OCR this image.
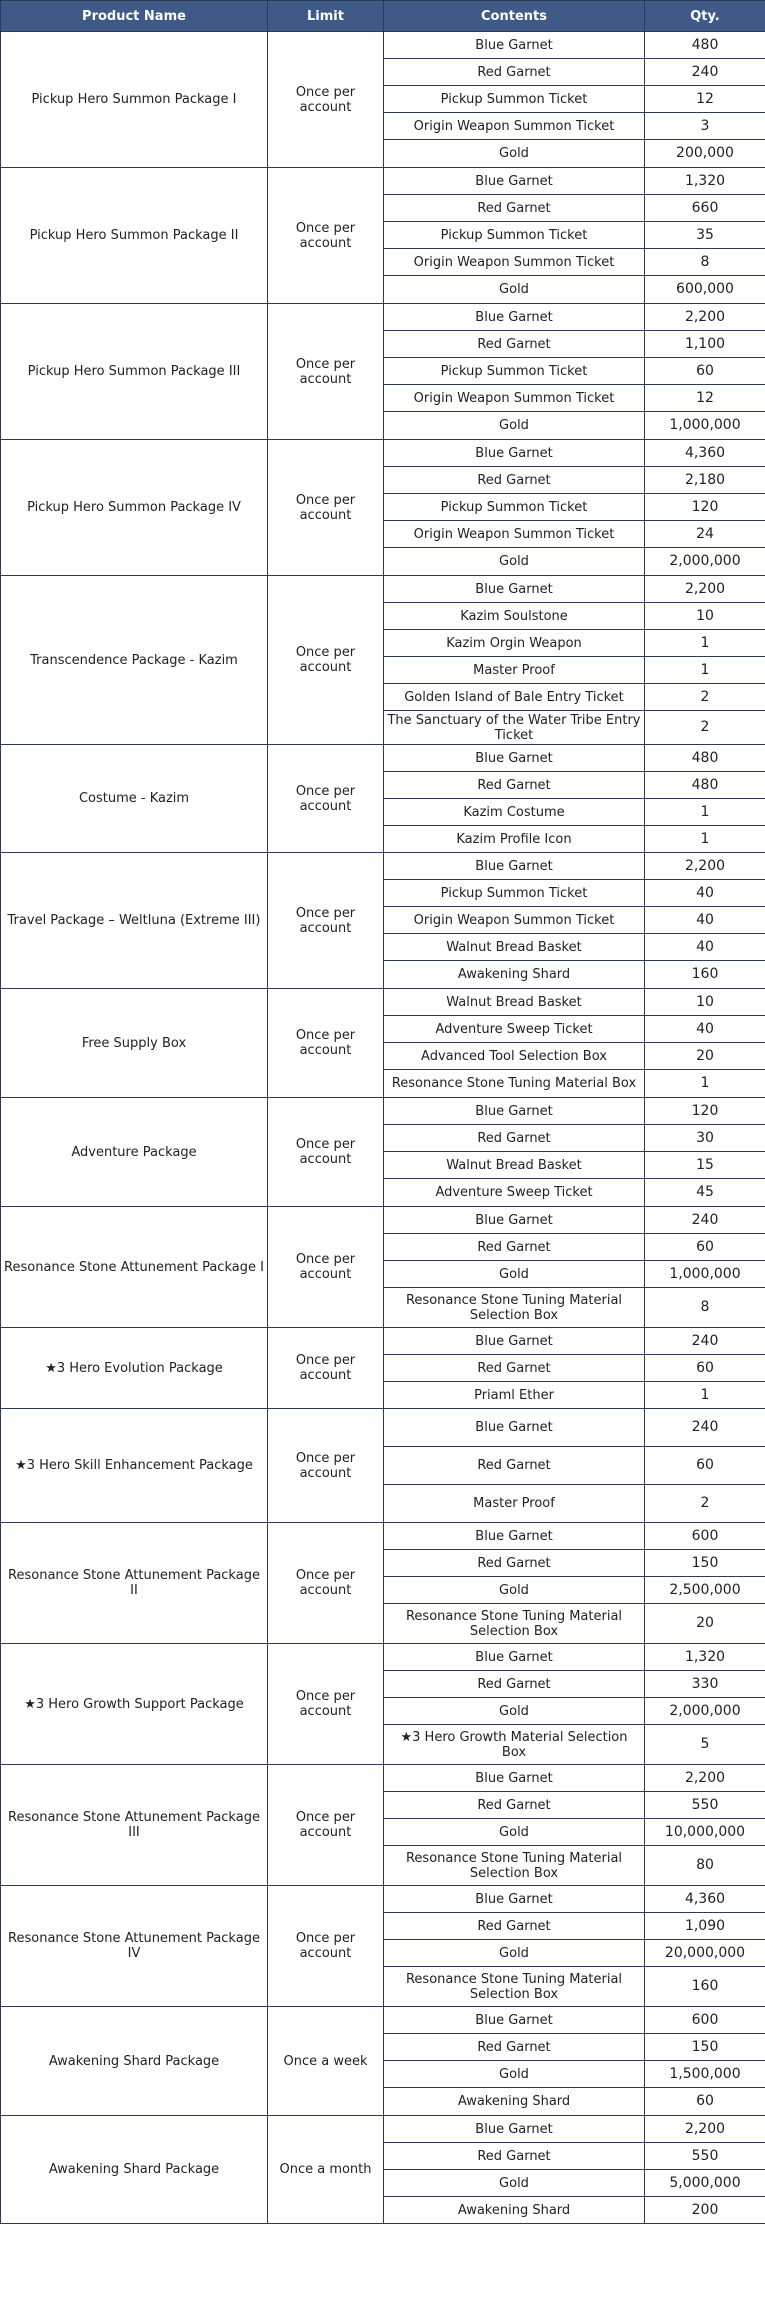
Product Name	Limit	Contents	Qty.
Pickup Hero Summon Package I	Once per account	Blue Garnet	480
		Red Garnet	240
		Pickup Summon Ticket	12
		Origin Weapon Summon Ticket	3
		Gold	200,000
Pickup Hero Summon Package II	Once per account	Blue Garnet	1,320
		Red Garnet	660
		Pickup Summon Ticket	35
		Origin Weapon Summon Ticket	8
		Gold	600,000
Pickup Hero Summon Package III	Once per account	Blue Garnet	2,200
		Red Garnet	1,100
		Pickup Summon Ticket	60
		Origin Weapon Summon Ticket	12
		Gold	1,000,000
Pickup Hero Summon Package IV	Once per account	Blue Garnet	4,360
		Red Garnet	2,180
		Pickup Summon Ticket	120
		Origin Weapon Summon Ticket	24
		Gold	2,000,000
Transcendence Package - Kazim	Once per account	Blue Garnet	2,200
		Kazim Soulstone	10
		Kazim Orgin Weapon	1
		Master Proof	1
		Golden Island of Bale Entry Ticket	2
		The Sanctuary of the Water Tribe Entry Ticket	2
Costume - Kazim	Once per account	Blue Garnet	480
		Red Garnet	480
		Kazim Costume	1
		Kazim Profile Icon	1
Travel Package – Weltluna (Extreme III)	Once per account	Blue Garnet	2,200
		Pickup Summon Ticket	40
		Origin Weapon Summon Ticket	40
		Walnut Bread Basket	40
		Awakening Shard	160
Free Supply Box	Once per account	Walnut Bread Basket	10
		Adventure Sweep Ticket	40
		Advanced Tool Selection Box	20
		Resonance Stone Tuning Material Box	1
Adventure Package	Once per account	Blue Garnet	120
		Red Garnet	30
		Walnut Bread Basket	15
		Adventure Sweep Ticket	45
Resonance Stone Attunement Package I	Once per account	Blue Garnet	240
		Red Garnet	60
		Gold	1,000,000
		Resonance Stone Tuning Material Selection Box	8
★3 Hero Evolution Package	Once per account	Blue Garnet	240
		Red Garnet	60
		Priaml Ether	1
★3 Hero Skill Enhancement Package	Once per account	Blue Garnet	240
		Red Garnet	60
		Master Proof	2
Resonance Stone Attunement Package II	Once per account	Blue Garnet	600
		Red Garnet	150
		Gold	2,500,000
		Resonance Stone Tuning Material Selection Box	20
★3 Hero Growth Support Package	Once per account	Blue Garnet	1,320
		Red Garnet	330
		Gold	2,000,000
		★3 Hero Growth Material Selection Box	5
Resonance Stone Attunement Package III	Once per account	Blue Garnet	2,200
		Red Garnet	550
		Gold	10,000,000
		Resonance Stone Tuning Material Selection Box	80
Resonance Stone Attunement Package IV	Once per account	Blue Garnet	4,360
		Red Garnet	1,090
		Gold	20,000,000
		Resonance Stone Tuning Material Selection Box	160
Awakening Shard Package	Once a week	Blue Garnet	600
		Red Garnet	150
		Gold	1,500,000
		Awakening Shard	60
Awakening Shard Package	Once a month	Blue Garnet	2,200
		Red Garnet	550
		Gold	5,000,000
		Awakening Shard	200
